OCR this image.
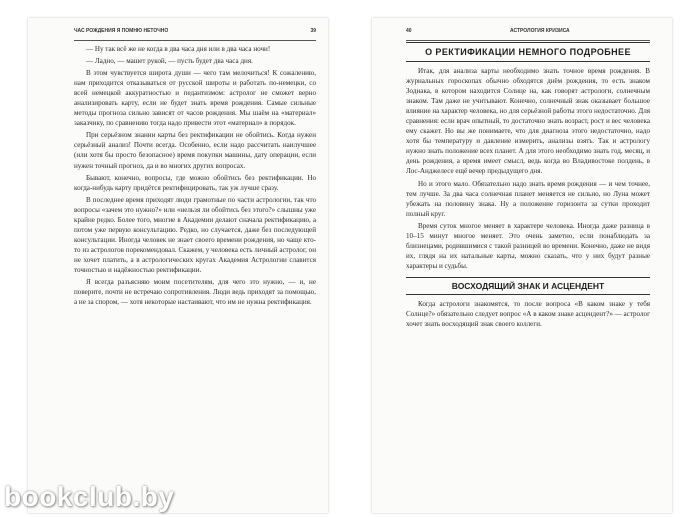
ЧАС РОЖДЕНИЯ Я ПОМНЮ НЕТОЧНО	39

— Ну так всё же не когда в два часа дня или в два часа ночи!

— Ладно, — машет рукой, — пусть будет два часа дня.

В этом чувствуется широта души — чего там мелочиться! К сожалению, нам приходится отказываться от русской широты и работать по-немецки, со всей немецкой аккуратностью и педантизмом: астролог не сможет верно анализировать карту, если не будет знать время рождения. Самые сильные методы прогноза сильно зависят от часов рождения. Мы шаём на «материал» заказчику, по сравнению тогда надо привести этот «материал» в порядок.

При серьёзном знании карты без ректификации не обойтись. Когда нужен серьёзный анализ! Почти всегда. Особенно, если надо рассчитать наилучшее (или хотя бы просто безопасное) время покупки машины, дату операции, если нужен точный прогноз, да и во многих других вопросах.

Бывают, конечно, вопросы, где можно обойтись без ректификации. Но когда-нибудь карту придётся ректифицировать, так уж лучше сразу.

В последнее время приходят люди грамотные по части астрологии, так что вопросы «зачем это нужно?» или «нельзя ли обойтись без этого?» слышны уже крайне редко. Более того, многие в Академии делают сначала ректификацию, а потом уже первую консультацию. Редко, но случается, даже без последующей консультации. Иногда человек не знает своего времени рождения, но чаще кто-то из астрологов порекомендовал. Скажем, у человека есть личный астролог, он не хочет платить, а в астрологических кругах Академия Астрологии славится точностью и надёжностью ректификации.

Я всегда разъясняю моим посетителям, для чего это нужно, — и, не поверите, почти не встречаю сопротивления. Люди ведь приходят за помощью, а не за спором, — хотя некоторые настаивают, что им не нужна ректификация.

40	АСТРОЛОГИЯ КРИЗИСА
О РЕКТИФИКАЦИИ НЕМНОГО ПОДРОБНЕЕ

Итак, для анализа карты необходимо знать точное время рождения. В журнальных гороскопах обычно обходятся днём рождения, то есть знаком Зодиака, в котором находится Солнце на, как говорят астрологи, солнечным знаком. Там даже не учитывают. Конечно, солнечный знак оказывает большое влияние на характер человека, но для серьёзной работы этого недостаточно. Для сравнения: если врач опытный, то достаточно знать возраст, рост и вес человека ему скажет. Но вы же понимаете, что для диагноза этого недостаточно, надо хотя бы температуру и давление измерить, анализы взять. Так и астрологу нужно знать положение всех планет. А для этого необходимо знать год, месяц, и день рождения, а время имеет смысл, ведь когда во Владивостоке полдень, в Лос-Анджелесе ещё вечер предыдущего дня.

Но и этого мало. Обязательно надо знать время рождения — и чем точнее, тем лучше. За два часа солнечная планет меняется не сильно, но Луна может убежать на половину знака. Ну а положение горизонта за сутки проходит полный круг.

Время суток многое меняет в характере человека. Иногда даже разница в 10–15 минут многое меняет. Это очень заметно, если понаблюдать за близнецами, родившимися с такой разницей во времени. Конечно, даже не видя их, глядя на их натальные карты, можно сказать, что у них будут разные характеры и судьбы.

ВОСХОДЯЩИЙ ЗНАК И АСЦЕНДЕНТ

Когда астрологи знакомятся, то после вопроса «В каком знаке у тебя Солнце?» обязательно следует вопрос «А в каком знаке асцендент?» — астролог хочет знать восходящий знак своего коллеги.

bookclub.by
